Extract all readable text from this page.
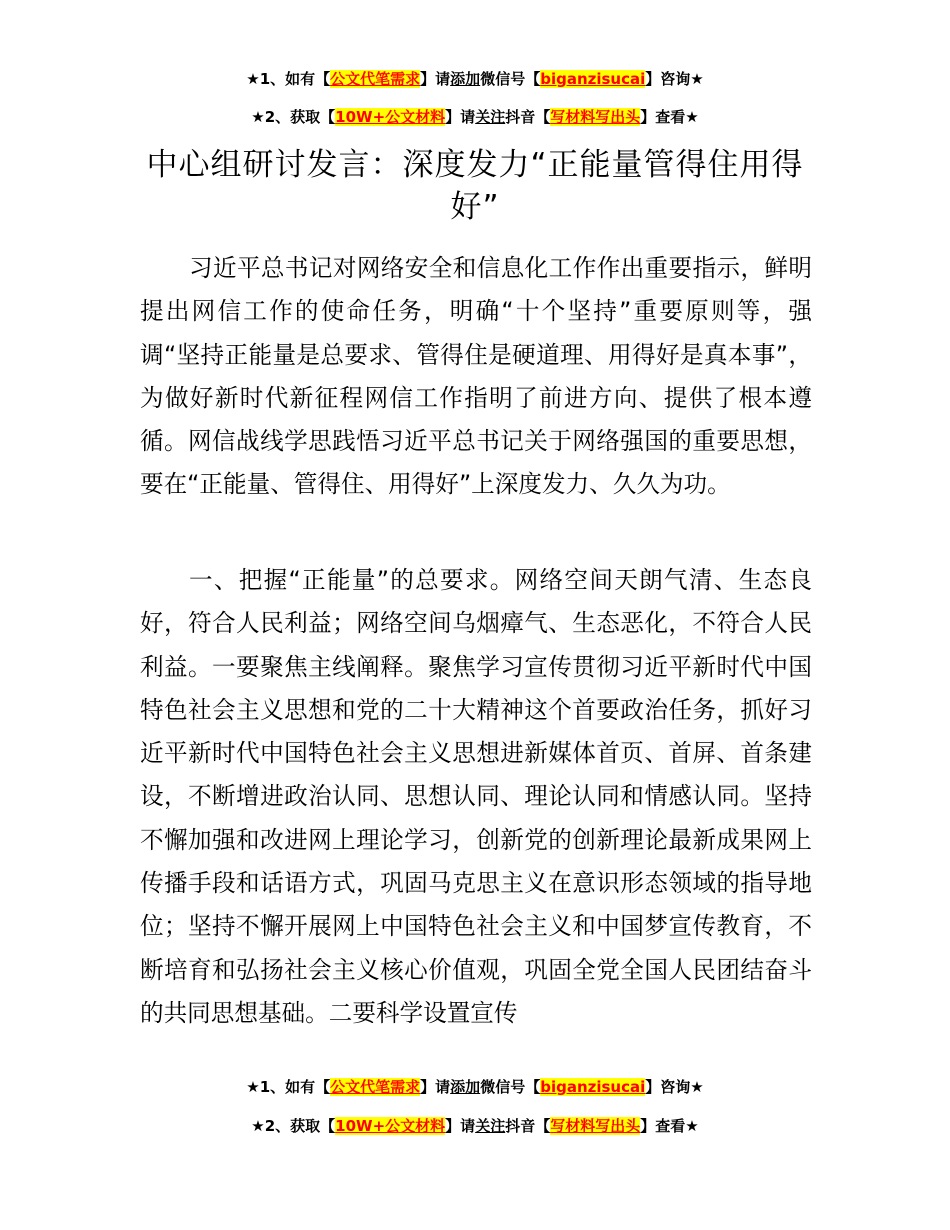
★1、如有【公文代笔需求】请添加微信号【biganzisucai】咨询★
★2、获取【10W+公文材料】请关注抖音【写材料写出头】查看★
中心组研讨发言：深度发力“正能量管得住用得好”
习近平总书记对网络安全和信息化工作作出重要指示，鲜明提出网信工作的使命任务，明确“十个坚持”重要原则等，强调“坚持正能量是总要求、管得住是硬道理、用得好是真本事”，为做好新时代新征程网信工作指明了前进方向、提供了根本遵循。网信战线学思践悟习近平总书记关于网络强国的重要思想，要在“正能量、管得住、用得好”上深度发力、久久为功。
一、把握“正能量”的总要求。网络空间天朗气清、生态良好，符合人民利益；网络空间乌烟瘴气、生态恶化，不符合人民利益。一要聚焦主线阐释。聚焦学习宣传贯彻习近平新时代中国特色社会主义思想和党的二十大精神这个首要政治任务，抓好习近平新时代中国特色社会主义思想进新媒体首页、首屏、首条建设，不断增进政治认同、思想认同、理论认同和情感认同。坚持不懈加强和改进网上理论学习，创新党的创新理论最新成果网上传播手段和话语方式，巩固马克思主义在意识形态领域的指导地位；坚持不懈开展网上中国特色社会主义和中国梦宣传教育，不断培育和弘扬社会主义核心价值观，巩固全党全国人民团结奋斗的共同思想基础。二要科学设置宣传
★1、如有【公文代笔需求】请添加微信号【biganzisucai】咨询★
★2、获取【10W+公文材料】请关注抖音【写材料写出头】查看★
